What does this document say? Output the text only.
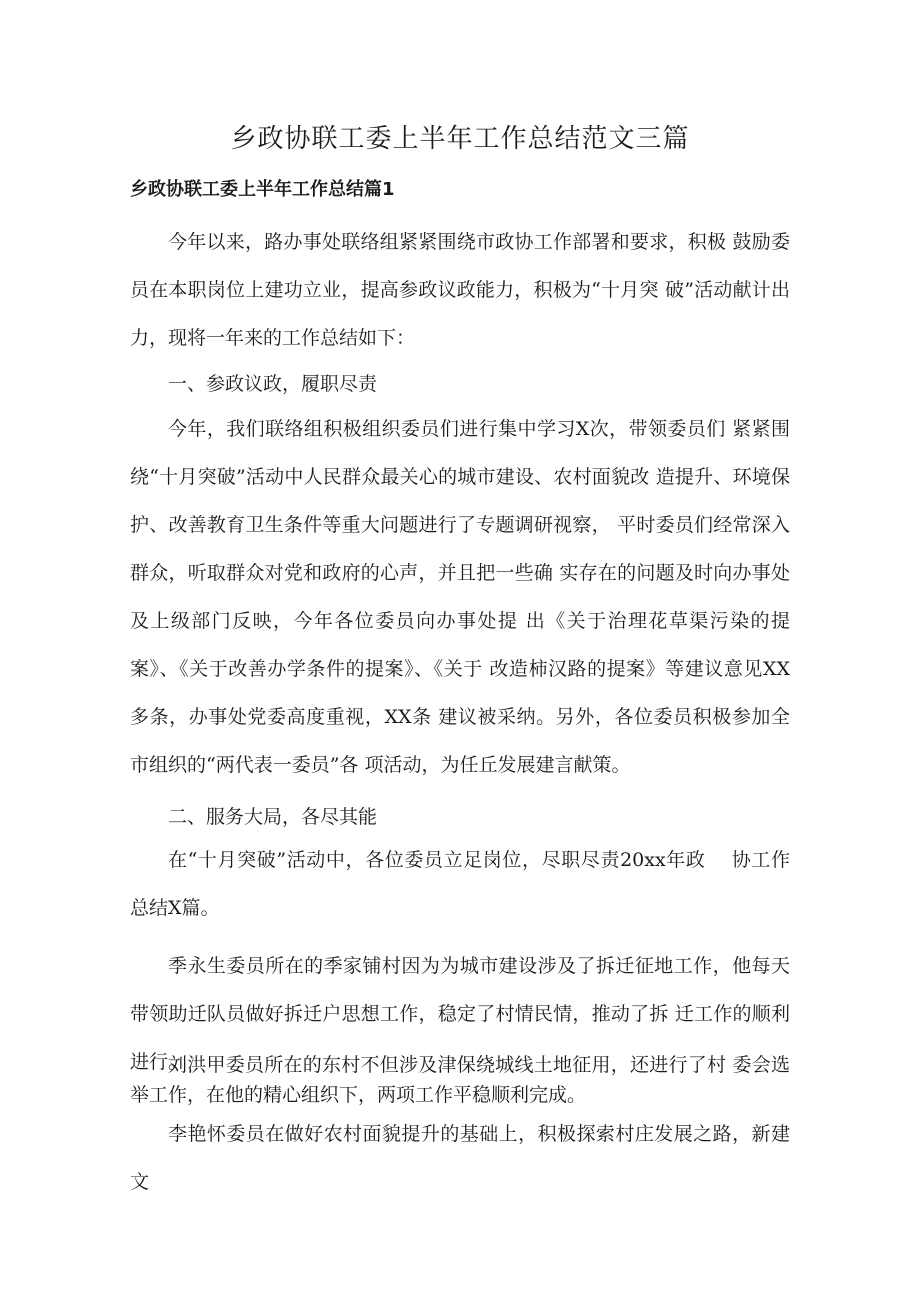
乡政协联工委上半年工作总结范文三篇
乡政协联工委上半年工作总结篇1

今年以来，路办事处联络组紧紧围绕市政协工作部署和要求，积极 鼓励委员在本职岗位上建功立业，提高参政议政能力，积极为“十月突 破”活动献计出力，现将一年来的工作总结如下：

一、参政议政，履职尽责

今年，我们联络组积极组织委员们进行集中学习X次，带领委员们 紧紧围绕“十月突破”活动中人民群众最关心的城市建设、农村面貌改 造提升、环境保护、改善教育卫生条件等重大问题进行了专题调研视察， 平时委员们经常深入群众，听取群众对党和政府的心声，并且把一些确 实存在的问题及时向办事处及上级部门反映，今年各位委员向办事处提 出《关于治理花草渠污染的提案》、《关于改善办学条件的提案》、《关于 改造柿汉路的提案》等建议意见XX多条，办事处党委高度重视，XX条 建议被采纳。另外，各位委员积极参加全市组织的“两代表一委员”各 项活动，为任丘发展建言献策。

二、服务大局，各尽其能

在“十月突破”活动中，各位委员立足岗位，尽职尽责20xx年政　 协工作总结X篇。

季永生委员所在的季家铺村因为为城市建设涉及了拆迁征地工作，他每天带领助迁队员做好拆迁户思想工作，稳定了村情民情，推动了拆 迁工作的顺利进行。

刘洪甲委员所在的东村不但涉及津保绕城线土地征用，还进行了村 委会选举工作，在他的精心组织下，两项工作平稳顺利完成。

李艳怀委员在做好农村面貌提升的基础上，积极探索村庄发展之路，新建文
